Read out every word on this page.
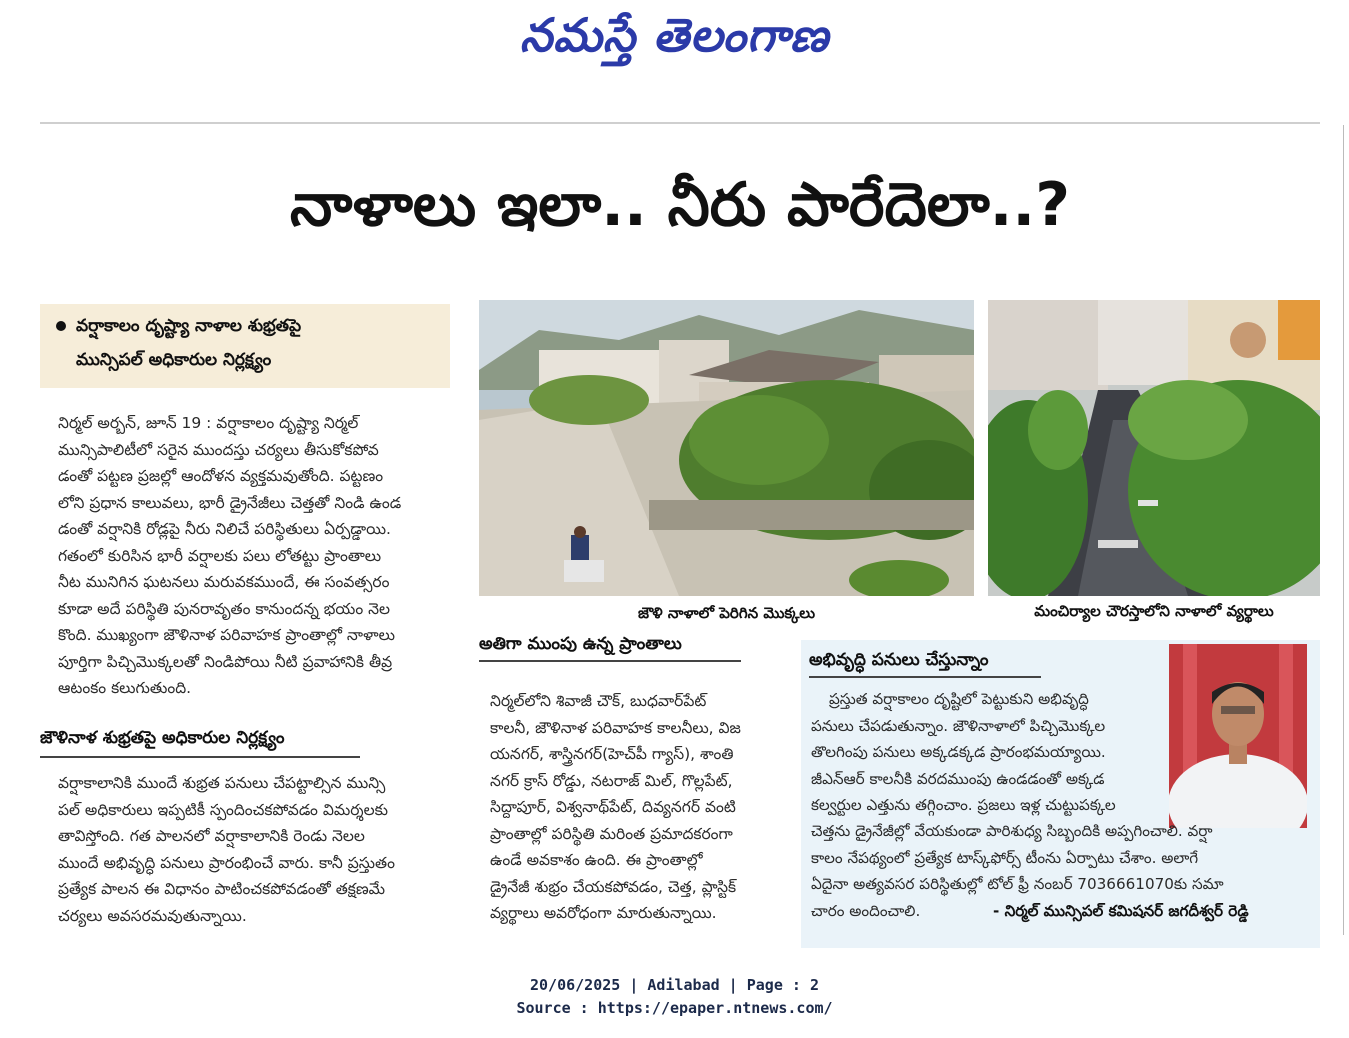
నమస్తే తెలంగాణ
నాళాలు ఇలా.. నీరు పారేదెలా..?
వర్షాకాలం దృష్ట్యా నాళాల శుభ్రతపై
మున్సిపల్ అధికారుల నిర్లక్ష్యం
నిర్మల్ అర్బన్, జూన్ 19 : వర్షాకాలం దృష్ట్యా నిర్మల్
మున్సిపాలిటీలో సరైన ముందస్తు చర్యలు తీసుకోకపోవ
డంతో పట్టణ ప్రజల్లో ఆందోళన వ్యక్తమవుతోంది. పట్టణం
లోని ప్రధాన కాలువలు, భారీ డ్రైనేజీలు చెత్తతో నిండి ఉండ
డంతో వర్షానికి రోడ్లపై నీరు నిలిచే పరిస్థితులు ఏర్పడ్డాయి.
గతంలో కురిసిన భారీ వర్షాలకు పలు లోతట్టు ప్రాంతాలు
నీట మునిగిన ఘటనలు మరువకముందే, ఈ సంవత్సరం
కూడా అదే పరిస్థితి పునరావృతం కానుందన్న భయం నెల
కొంది. ముఖ్యంగా జౌళినాళ పరివాహక ప్రాంతాల్లో నాళాలు
పూర్తిగా పిచ్చిమొక్కలతో నిండిపోయి నీటి ప్రవాహానికి తీవ్ర
ఆటంకం కలుగుతుంది.
జౌళినాళ శుభ్రతపై అధికారుల నిర్లక్ష్యం
వర్షాకాలానికి ముందే శుభ్రత పనులు చేపట్టాల్సిన మున్సి
పల్ అధికారులు ఇప్పటికీ స్పందించకపోవడం విమర్శలకు
తావిస్తోంది. గత పాలనలో వర్షాకాలానికి రెండు నెలల
ముందే అభివృద్ధి పనులు ప్రారంభించే వారు. కానీ ప్రస్తుతం
ప్రత్యేక పాలన ఈ విధానం పాటించకపోవడంతో తక్షణమే
చర్యలు అవసరమవుతున్నాయి.
జౌళి నాళాలో పెరిగిన మొక్కలు	మంచిర్యాల చౌరస్తాలోని నాళాలో వ్యర్థాలు
అతిగా ముంపు ఉన్న ప్రాంతాలు
నిర్మల్‌లోని శివాజీ చౌక్, బుధవార్‌పేట్
కాలనీ, జౌళినాళ పరివాహక కాలనీలు, విజ
యనగర్, శాస్త్రినగర్(హెచ్‌పీ గ్యాస్), శాంతి
నగర్ క్రాస్ రోడ్డు, నటరాజ్ మిల్, గొల్లపేట్,
సిద్దాపూర్, విశ్వనాథ్‌పేట్, దివ్యనగర్ వంటి
ప్రాంతాల్లో పరిస్థితి మరింత ప్రమాదకరంగా
ఉండే అవకాశం ఉంది. ఈ ప్రాంతాల్లో
డ్రైనేజీ శుభ్రం చేయకపోవడం, చెత్త, ప్లాస్టిక్
వ్యర్థాలు అవరోధంగా మారుతున్నాయి.
అభివృద్ధి పనులు చేస్తున్నాం
ప్రస్తుత వర్షాకాలం దృష్టిలో పెట్టుకుని అభివృద్ధి
పనులు చేపడుతున్నాం. జౌళినాళాలో పిచ్చిమొక్కల
తొలగింపు పనులు అక్కడక్కడ ప్రారంభమయ్యాయి.
జీఎన్‌ఆర్ కాలనీకి వరదముంపు ఉండడంతో అక్కడ
కల్వర్టుల ఎత్తును తగ్గించాం. ప్రజలు ఇళ్ల చుట్టుపక్కల
చెత్తను డ్రైనేజీల్లో వేయకుండా పారిశుధ్య సిబ్బందికి అప్పగించాలి. వర్షా
కాలం నేపథ్యంలో ప్రత్యేక టాస్క్‌ఫోర్స్ టీంను ఏర్పాటు చేశాం. అలాగే
ఏదైనా అత్యవసర పరిస్థితుల్లో టోల్ ఫ్రీ నంబర్ 7036661070కు సమా
చారం అందించాలి.	- నిర్మల్ మున్సిపల్ కమిషనర్ జగదీశ్వర్ రెడ్డి
20/06/2025 | Adilabad | Page : 2
Source : https://epaper.ntnews.com/
